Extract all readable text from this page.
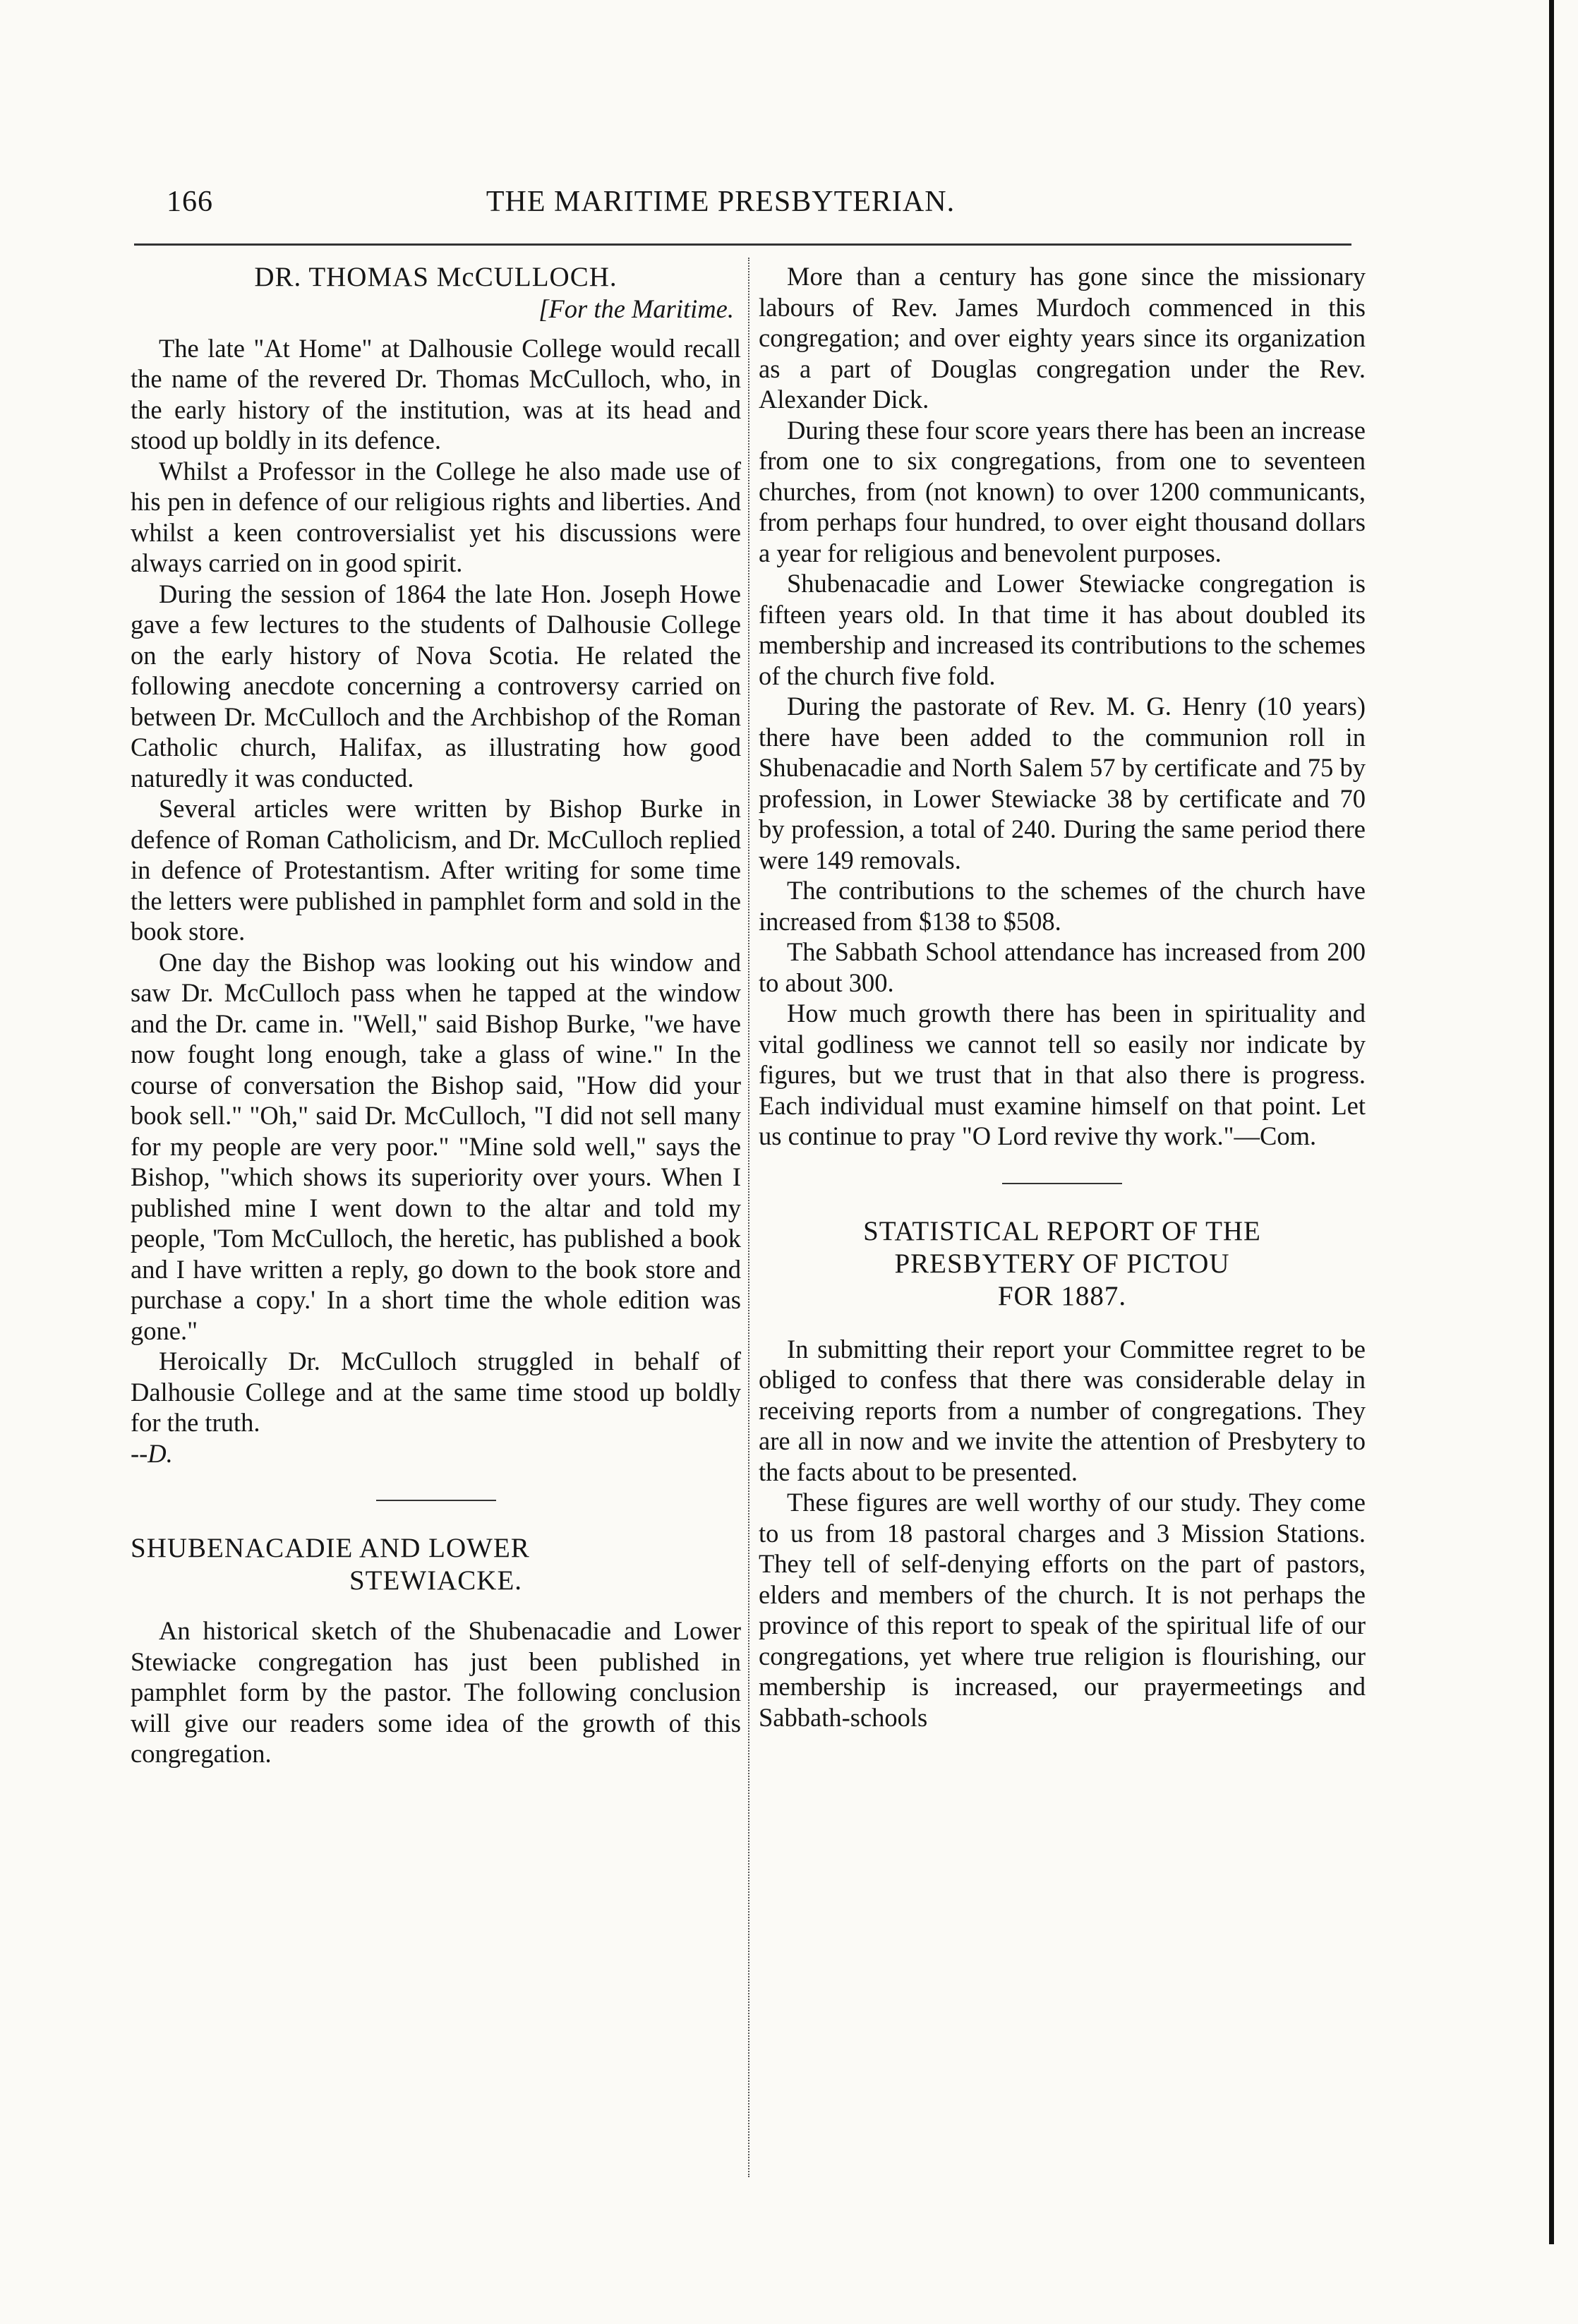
166	THE MARITIME PRESBYTERIAN.
DR. THOMAS McCULLOCH.
[For the Maritime.

The late "At Home" at Dalhousie College would recall the name of the revered Dr. Thomas McCulloch, who, in the early history of the institution, was at its head and stood up boldly in its defence.

Whilst a Professor in the College he also made use of his pen in defence of our religious rights and liberties. And whilst a keen controversialist yet his discussions were always carried on in good spirit.

During the session of 1864 the late Hon. Joseph Howe gave a few lectures to the students of Dalhousie College on the early history of Nova Scotia. He related the following anecdote concerning a controversy carried on between Dr. McCulloch and the Archbishop of the Roman Catholic church, Halifax, as illustrating how good naturedly it was conducted.

Several articles were written by Bishop Burke in defence of Roman Catholicism, and Dr. McCulloch replied in defence of Protestantism. After writing for some time the letters were published in pamphlet form and sold in the book store.

One day the Bishop was looking out his window and saw Dr. McCulloch pass when he tapped at the window and the Dr. came in. "Well," said Bishop Burke, "we have now fought long enough, take a glass of wine." In the course of conversation the Bishop said, "How did your book sell." "Oh," said Dr. McCulloch, "I did not sell many for my people are very poor." "Mine sold well," says the Bishop, "which shows its superiority over yours. When I published mine I went down to the altar and told my people, 'Tom McCulloch, the heretic, has published a book and I have written a reply, go down to the book store and purchase a copy.' In a short time the whole edition was gone."

Heroically Dr. McCulloch struggled in behalf of Dalhousie College and at the same time stood up boldly for the truth.

--D.

SHUBENACADIE AND LOWER
STEWIACKE.

An historical sketch of the Shubenacadie and Lower Stewiacke congregation has just been published in pamphlet form by the pastor. The following conclusion will give our readers some idea of the growth of this congregation.

More than a century has gone since the missionary labours of Rev. James Murdoch commenced in this congregation; and over eighty years since its organization as a part of Douglas congregation under the Rev. Alexander Dick.

During these four score years there has been an increase from one to six congregations, from one to seventeen churches, from (not known) to over 1200 communicants, from perhaps four hundred, to over eight thousand dollars a year for religious and benevolent purposes.

Shubenacadie and Lower Stewiacke congregation is fifteen years old. In that time it has about doubled its membership and increased its contributions to the schemes of the church five fold.

During the pastorate of Rev. M. G. Henry (10 years) there have been added to the communion roll in Shubenacadie and North Salem 57 by certificate and 75 by profession, in Lower Stewiacke 38 by certificate and 70 by profession, a total of 240. During the same period there were 149 removals.

The contributions to the schemes of the church have increased from $138 to $508.

The Sabbath School attendance has increased from 200 to about 300.

How much growth there has been in spirituality and vital godliness we cannot tell so easily nor indicate by figures, but we trust that in that also there is progress. Each individual must examine himself on that point. Let us continue to pray "O Lord revive thy work."—Com.

STATISTICAL REPORT OF THE
PRESBYTERY OF PICTOU
FOR 1887.

In submitting their report your Committee regret to be obliged to confess that there was considerable delay in receiving reports from a number of congregations. They are all in now and we invite the attention of Presbytery to the facts about to be presented.

These figures are well worthy of our study. They come to us from 18 pastoral charges and 3 Mission Stations. They tell of self-denying efforts on the part of pastors, elders and members of the church. It is not perhaps the province of this report to speak of the spiritual life of our congregations, yet where true religion is flourishing, our membership is increased, our prayermeetings and Sabbath-schools
